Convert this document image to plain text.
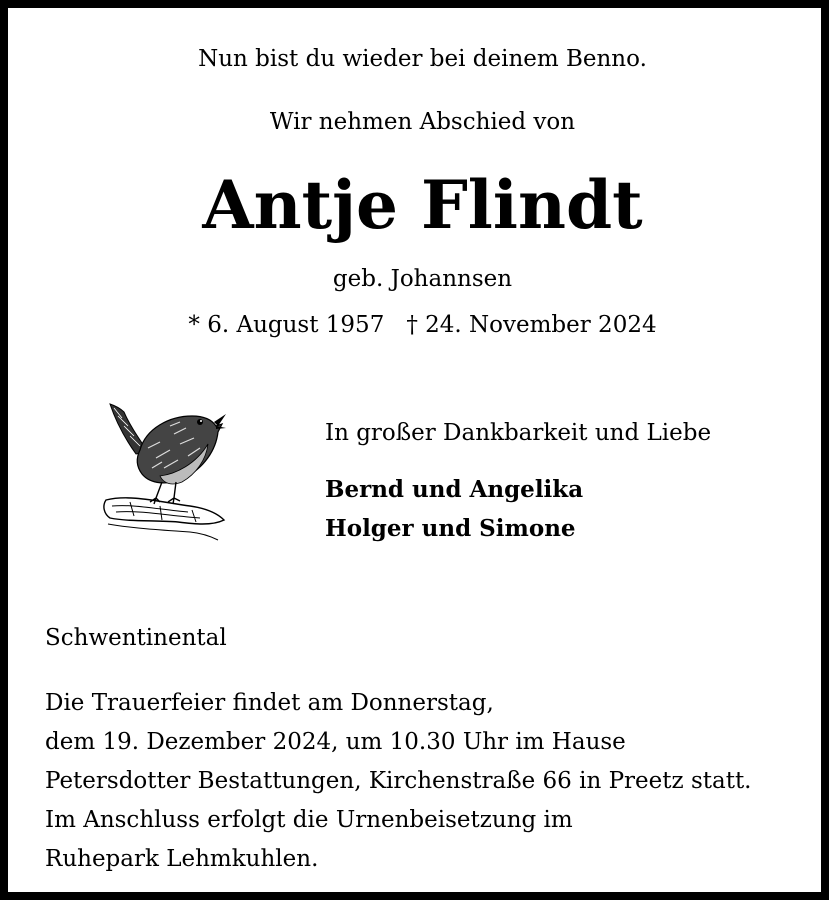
Nun bist du wieder bei deinem Benno.
Wir nehmen Abschied von
Antje Flindt
geb. Johannsen
* 6. August 1957 † 24. November 2024
In großer Dankbarkeit und Liebe
Bernd und Angelika
Holger und Simone
Schwentinental
Die Trauerfeier findet am Donnerstag,
dem 19. Dezember 2024, um 10.30 Uhr im Hause
Petersdotter Bestattungen, Kirchenstraße 66 in Preetz statt.
Im Anschluss erfolgt die Urnenbeisetzung im
Ruhepark Lehmkuhlen.
